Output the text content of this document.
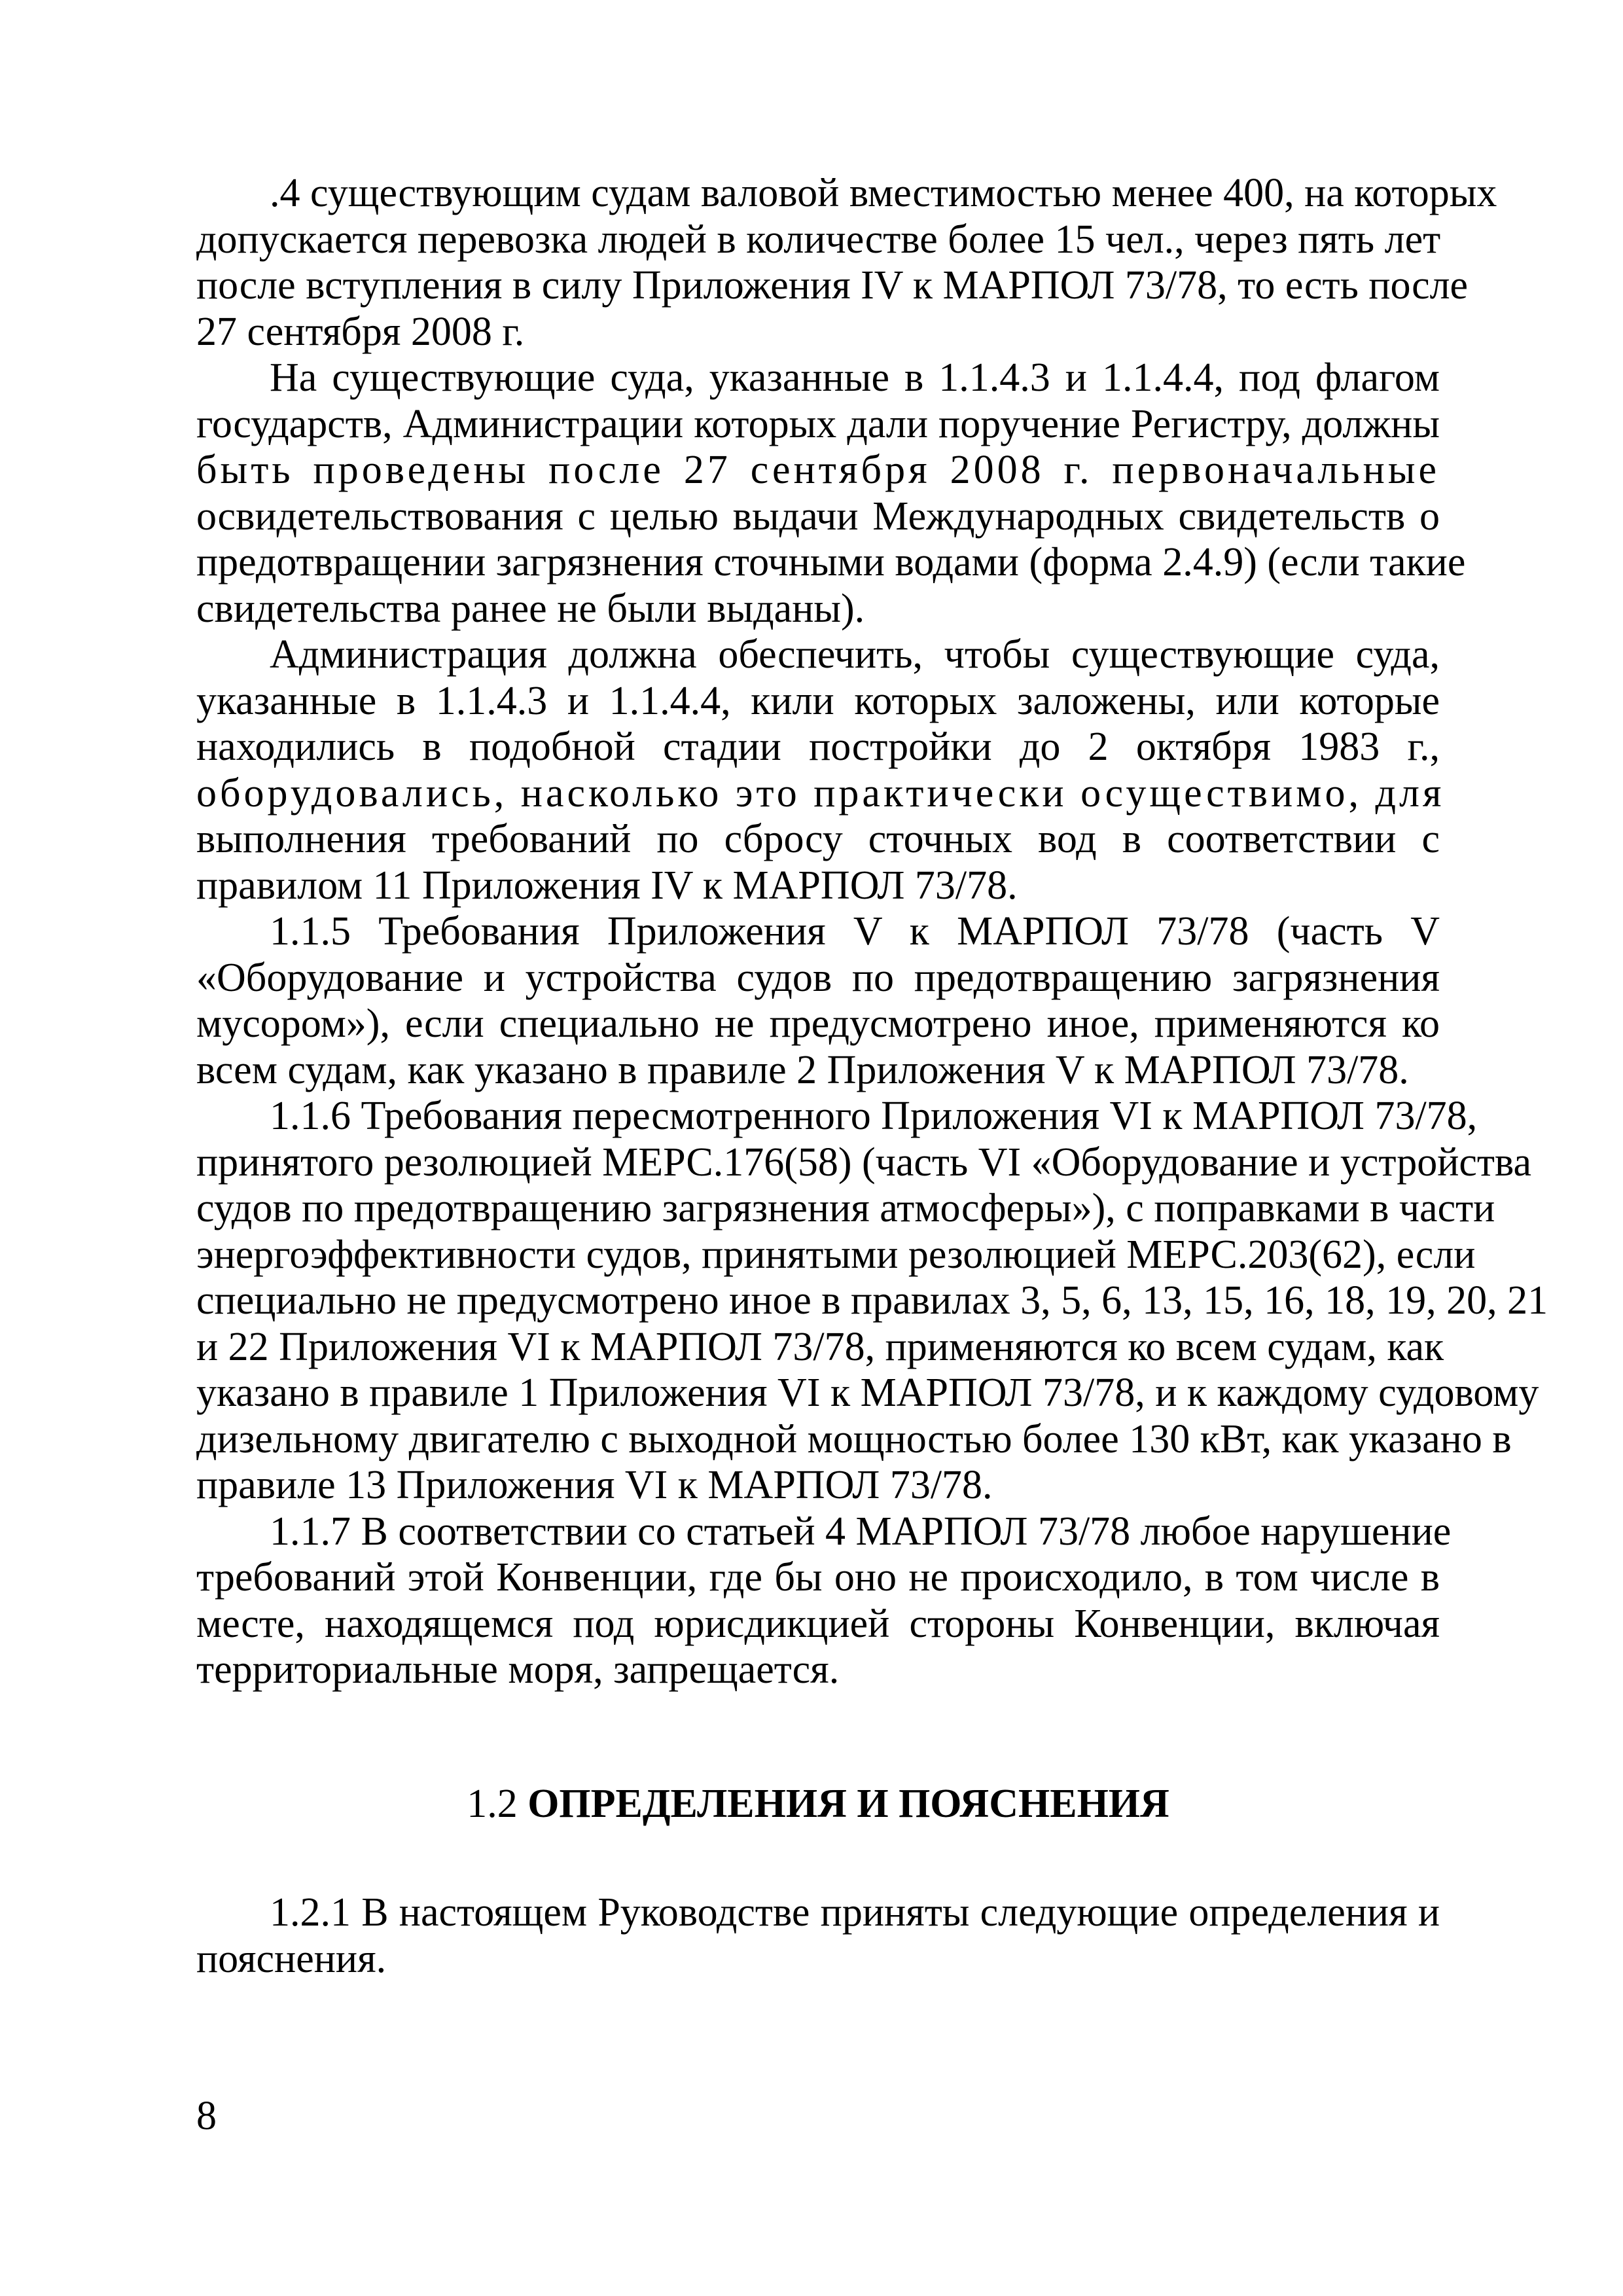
.4 существующим судам валовой вместимостью менее 400, на которых
допускается перевозка людей в количестве более 15 чел., через пять лет
после вступления в силу Приложения IV к МАРПОЛ 73/78, то есть после
27 сентября 2008 г.
На существующие суда, указанные в 1.1.4.3 и 1.1.4.4, под флагом
государств, Администрации которых дали поручение Регистру, должны
быть проведены после 27 сентября 2008 г. первоначальные
освидетельствования с целью выдачи Международных свидетельств о
предотвращении загрязнения сточными водами (форма 2.4.9) (если такие
свидетельства ранее не были выданы).
Администрация должна обеспечить, чтобы существующие суда,
указанные в 1.1.4.3 и 1.1.4.4, кили которых заложены, или которые
находились в подобной стадии постройки до 2 октября 1983 г.,
оборудовались, насколько это практически осуществимо, для
выполнения требований по сбросу сточных вод в соответствии с
правилом 11 Приложения IV к МАРПОЛ 73/78.
1.1.5 Требования Приложения V к МАРПОЛ 73/78 (часть V
«Оборудование и устройства судов по предотвращению загрязнения
мусором»), если специально не предусмотрено иное, применяются ко
всем судам, как указано в правиле 2 Приложения V к МАРПОЛ 73/78.
1.1.6 Требования пересмотренного Приложения VI к МАРПОЛ 73/78,
принятого резолюцией МЕРС.176(58) (часть VI «Оборудование и устройства
судов по предотвращению загрязнения атмосферы»), с поправками в части
энергоэффективности судов, принятыми резолюцией МЕРС.203(62), если
специально не предусмотрено иное в правилах 3, 5, 6, 13, 15, 16, 18, 19, 20, 21
и 22 Приложения VI к МАРПОЛ 73/78, применяются ко всем судам, как
указано в правиле 1 Приложения VI к МАРПОЛ 73/78, и к каждому судовому
дизельному двигателю с выходной мощностью более 130 кВт, как указано в
правиле 13 Приложения VI к МАРПОЛ 73/78.
1.1.7 В соответствии со статьей 4 МАРПОЛ 73/78 любое нарушение
требований этой Конвенции, где бы оно не происходило, в том числе в
месте, находящемся под юрисдикцией стороны Конвенции, включая
территориальные моря, запрещается.
1.2 ОПРЕДЕЛЕНИЯ И ПОЯСНЕНИЯ
1.2.1 В настоящем Руководстве приняты следующие определения и
пояснения.

8
